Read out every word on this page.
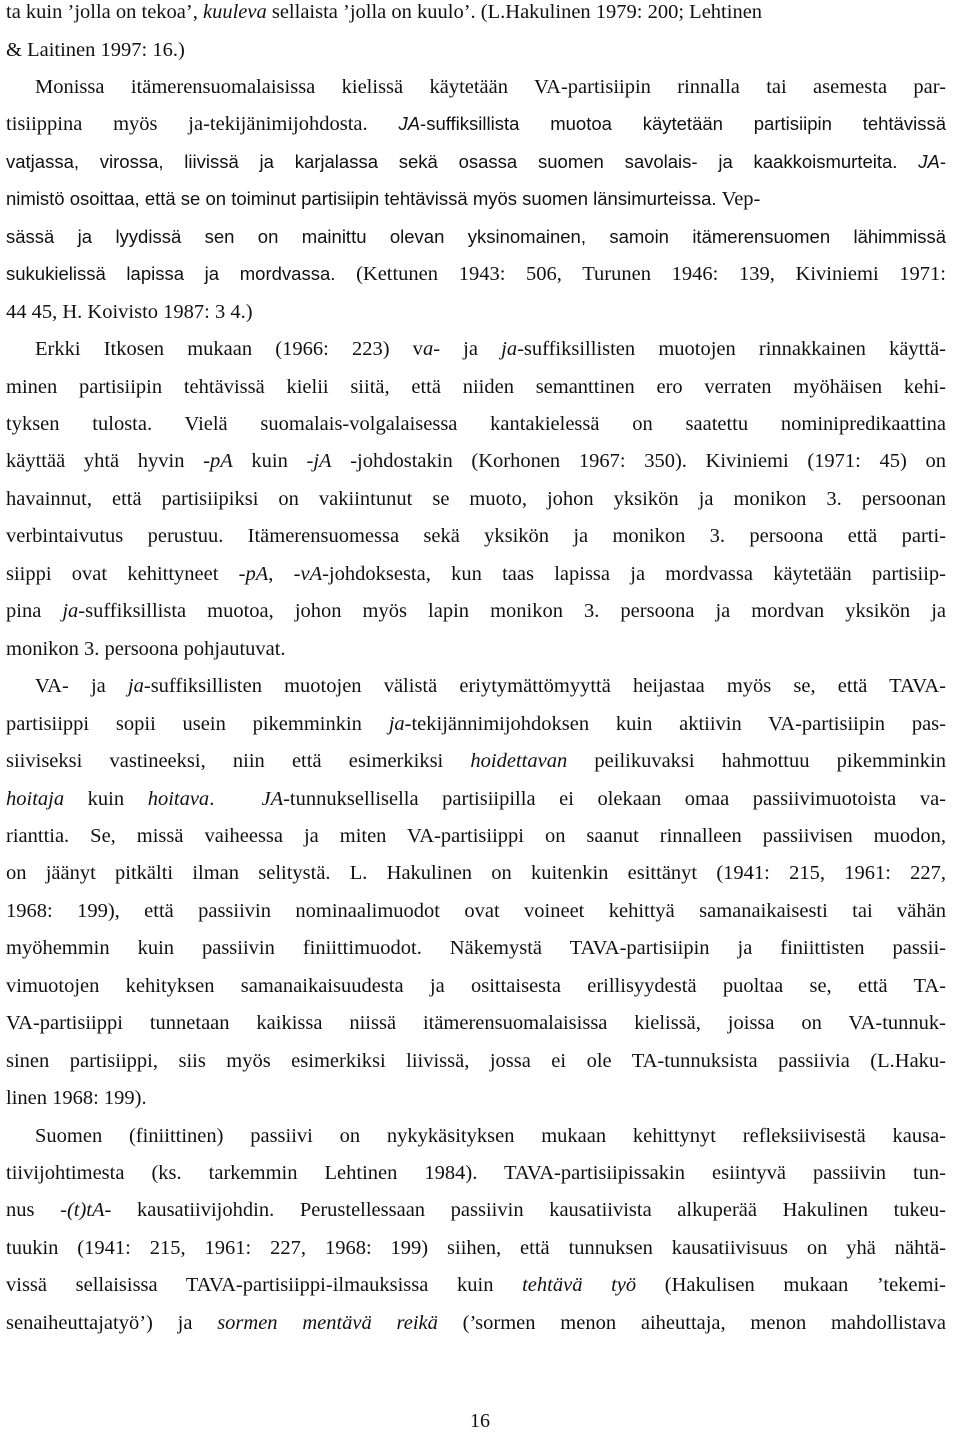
ta kuin ’jolla on tekoa’, kuuleva sellaista ’jolla on kuulo’. (L.Hakulinen 1979: 200; Lehtinen
& Laitinen 1997: 16.)
Monissa itämerensuomalaisissa kielissä käytetään VA-partisiipin rinnalla tai asemesta par-
tisiippina myös ja-tekijänimijohdosta. JA-suffiksillista muotoa käytetään partisiipin tehtävissä
vatjassa, virossa, liivissä ja karjalassa sekä osassa suomen savolais- ja kaakkoismurteita. JA-
nimistö osoittaa, että se on toiminut partisiipin tehtävissä myös suomen länsimurteissa. Vep-
sässä ja lyydissä sen on mainittu olevan yksinomainen, samoin itämerensuomen lähimmissä
sukukielissä lapissa ja mordvassa. (Kettunen 1943: 506, Turunen 1946: 139, Kiviniemi 1971:
44 45, H. Koivisto 1987: 3 4.)
Erkki Itkosen mukaan (1966: 223) va- ja ja-suffiksillisten muotojen rinnakkainen käyttä-
minen partisiipin tehtävissä kielii siitä, että niiden semanttinen ero verraten myöhäisen kehi-
tyksen tulosta. Vielä suomalais-volgalaisessa kantakielessä on saatettu nominipredikaattina
käyttää yhtä hyvin -pA kuin -jA -johdostakin (Korhonen 1967: 350). Kiviniemi (1971: 45) on
havainnut, että partisiipiksi on vakiintunut se muoto, johon yksikön ja monikon 3. persoonan
verbintaivutus perustuu. Itämerensuomessa sekä yksikön ja monikon 3. persoona että parti-
siippi ovat kehittyneet -pA, -vA-johdoksesta, kun taas lapissa ja mordvassa käytetään partisiip-
pina ja-suffiksillista muotoa, johon myös lapin monikon 3. persoona ja mordvan yksikön ja
monikon 3. persoona pohjautuvat.
VA- ja ja-suffiksillisten muotojen välistä eriytymättömyyttä heijastaa myös se, että TAVA-
partisiippi sopii usein pikemminkin ja-tekijännimijohdoksen kuin aktiivin VA-partisiipin pas-
siiviseksi vastineeksi, niin että esimerkiksi hoidettavan peilikuvaksi hahmottuu pikemminkin
hoitaja kuin hoitava.  JA-tunnuksellisella partisiipilla ei olekaan omaa passiivimuotoista va-
rianttia. Se, missä vaiheessa ja miten VA-partisiippi on saanut rinnalleen passiivisen muodon,
on jäänyt pitkälti ilman selitystä. L. Hakulinen on kuitenkin esittänyt (1941: 215, 1961: 227,
1968: 199), että passiivin nominaalimuodot ovat voineet kehittyä samanaikaisesti tai vähän
myöhemmin kuin passiivin finiittimuodot. Näkemystä TAVA-partisiipin ja finiittisten passii-
vimuotojen kehityksen samanaikaisuudesta ja osittaisesta erillisyydestä puoltaa se, että TA-
VA-partisiippi tunnetaan kaikissa niissä itämerensuomalaisissa kielissä, joissa on VA-tunnuk-
sinen partisiippi, siis myös esimerkiksi liivissä, jossa ei ole TA-tunnuksista passiivia (L.Haku-
linen 1968: 199).
Suomen (finiittinen) passiivi on nykykäsityksen mukaan kehittynyt refleksiivisestä kausa-
tiivijohtimesta (ks. tarkemmin Lehtinen 1984). TAVA-partisiipissakin esiintyvä passiivin tun-
nus -(t)tA- kausatiivijohdin. Perustellessaan passiivin kausatiivista alkuperää Hakulinen tukeu-
tuukin (1941: 215, 1961: 227, 1968: 199) siihen, että tunnuksen kausatiivisuus on yhä nähtä-
vissä sellaisissa TAVA-partisiippi-ilmauksissa kuin tehtävä työ (Hakulisen mukaan ’tekemi-
senaiheuttajatyö’) ja sormen mentävä reikä (’sormen menon aiheuttaja, menon mahdollistava
16
